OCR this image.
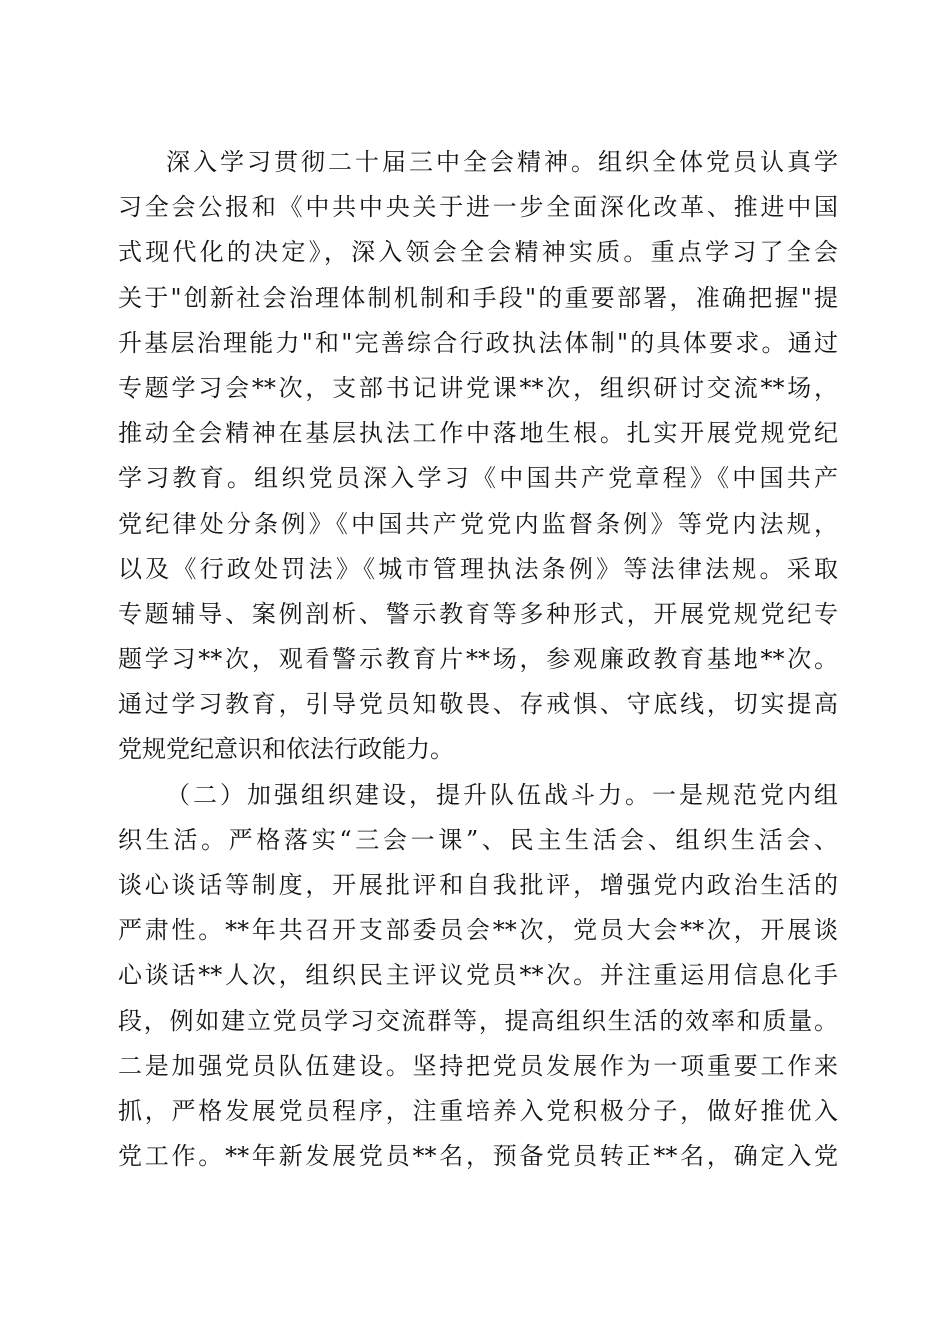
深入学习贯彻二十届三中全会精神。组织全体党员认真学
习全会公报和《中共中央关于进一步全面深化改革、推进中国
式现代化的决定》，深入领会全会精神实质。重点学习了全会
关于"创新社会治理体制机制和手段"的重要部署，准确把握"提
升基层治理能力"和"完善综合行政执法体制"的具体要求。通过
专题学习会**次，支部书记讲党课**次，组织研讨交流**场，
推动全会精神在基层执法工作中落地生根。扎实开展党规党纪
学习教育。组织党员深入学习《中国共产党章程》《中国共产
党纪律处分条例》《中国共产党党内监督条例》等党内法规，
以及《行政处罚法》《城市管理执法条例》等法律法规。采取
专题辅导、案例剖析、警示教育等多种形式，开展党规党纪专
题学习**次，观看警示教育片**场，参观廉政教育基地**次。
通过学习教育，引导党员知敬畏、存戒惧、守底线，切实提高
党规党纪意识和依法行政能力。
（二）加强组织建设，提升队伍战斗力。一是规范党内组
织生活。严格落实“三会一课”、民主生活会、组织生活会、
谈心谈话等制度，开展批评和自我批评，增强党内政治生活的
严肃性。**年共召开支部委员会**次，党员大会**次，开展谈
心谈话**人次，组织民主评议党员**次。并注重运用信息化手
段，例如建立党员学习交流群等，提高组织生活的效率和质量。
二是加强党员队伍建设。坚持把党员发展作为一项重要工作来
抓，严格发展党员程序，注重培养入党积极分子，做好推优入
党工作。**年新发展党员**名，预备党员转正**名，确定入党
